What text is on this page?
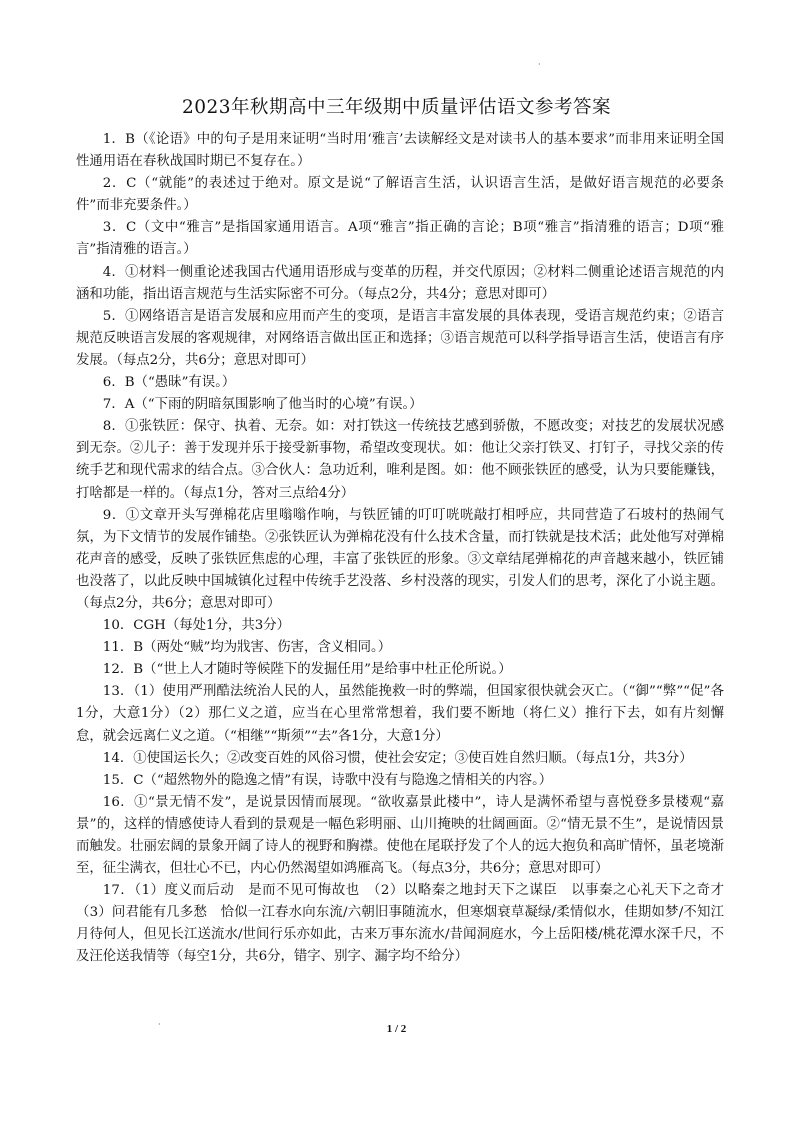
·
2023年秋期高中三年级期中质量评估语文参考答案

1．B（《论语》中的句子是用来证明“当时用‘雅言’去读解经文是对读书人的基本要求”而非用来证明全国性通用语在春秋战国时期已不复存在。）

2．C（“就能”的表述过于绝对。原文是说“了解语言生活，认识语言生活，是做好语言规范的必要条件”而非充要条件。）

3．C（文中“雅言”是指国家通用语言。A项“雅言”指正确的言论；B项“雅言”指清雅的语言；D项“雅言”指清雅的语言。）

4．①材料一侧重论述我国古代通用语形成与变革的历程，并交代原因；②材料二侧重论述语言规范的内涵和功能，指出语言规范与生活实际密不可分。（每点2分，共4分；意思对即可）

5．①网络语言是语言发展和应用而产生的变项，是语言丰富发展的具体表现，受语言规范约束；②语言规范反映语言发展的客观规律，对网络语言做出匡正和选择；③语言规范可以科学指导语言生活，使语言有序发展。（每点2分，共6分；意思对即可）

6．B（“愚昧”有误。）

7．A（“下雨的阴暗氛围影响了他当时的心境”有误。）

8．①张铁匠：保守、执着、无奈。如：对打铁这一传统技艺感到骄傲，不愿改变；对技艺的发展状况感到无奈。②儿子：善于发现并乐于接受新事物，希望改变现状。如：他让父亲打铁叉、打钉子，寻找父亲的传统手艺和现代需求的结合点。③合伙人：急功近利，唯利是图。如：他不顾张铁匠的感受，认为只要能赚钱，打啥都是一样的。（每点1分，答对三点给4分）

9．①文章开头写弹棉花店里嗡嗡作响，与铁匠铺的叮叮咣咣敲打相呼应，共同营造了石坡村的热闹气氛，为下文情节的发展作铺垫。②张铁匠认为弹棉花没有什么技术含量，而打铁就是技术活；此处他写对弹棉花声音的感受，反映了张铁匠焦虑的心理，丰富了张铁匠的形象。③文章结尾弹棉花的声音越来越小，铁匠铺也没落了，以此反映中国城镇化过程中传统手艺没落、乡村没落的现实，引发人们的思考，深化了小说主题。（每点2分，共6分；意思对即可）

10．CGH（每处1分，共3分）

11．B（两处“贼”均为戕害、伤害，含义相同。）

12．B（“世上人才随时等候陛下的发掘任用”是给事中杜正伦所说。）

13．（1）使用严刑酷法统治人民的人，虽然能挽救一时的弊端，但国家很快就会灭亡。（“御”“弊”“促”各1分，大意1分）（2）那仁义之道，应当在心里常常想着，我们要不断地（将仁义）推行下去，如有片刻懈怠，就会远离仁义之道。（“相继”“斯须”“去”各1分，大意1分）

14．①使国运长久；②改变百姓的风俗习惯，使社会安定；③使百姓自然归顺。（每点1分，共3分）

15．C（“超然物外的隐逸之情”有误，诗歌中没有与隐逸之情相关的内容。）

16．①“景无情不发”，是说景因情而展现。“欲收嘉景此楼中”，诗人是满怀希望与喜悦登多景楼观“嘉景”的，这样的情感使诗人看到的景观是一幅色彩明丽、山川掩映的壮阔画面。②“情无景不生”，是说情因景而触发。壮丽宏阔的景象开阔了诗人的视野和胸襟。使他在尾联抒发了个人的远大抱负和高旷情怀，虽老境渐至，征尘满衣，但壮心不已，内心仍然渴望如鸿雁高飞。（每点3分，共6分；意思对即可）

17．（1）度义而后动　是而不见可悔故也　（2）以略秦之地封天下之谋臣　以事秦之心礼天下之奇才　（3）问君能有几多愁　恰似一江春水向东流/六朝旧事随流水，但寒烟衰草凝绿/柔情似水，佳期如梦/不知江月待何人，但见长江送流水/世间行乐亦如此，古来万事东流水/昔闻洞庭水，今上岳阳楼/桃花潭水深千尺，不及汪伦送我情等（每空1分，共6分，错字、别字、漏字均不给分）

·	1 / 2
